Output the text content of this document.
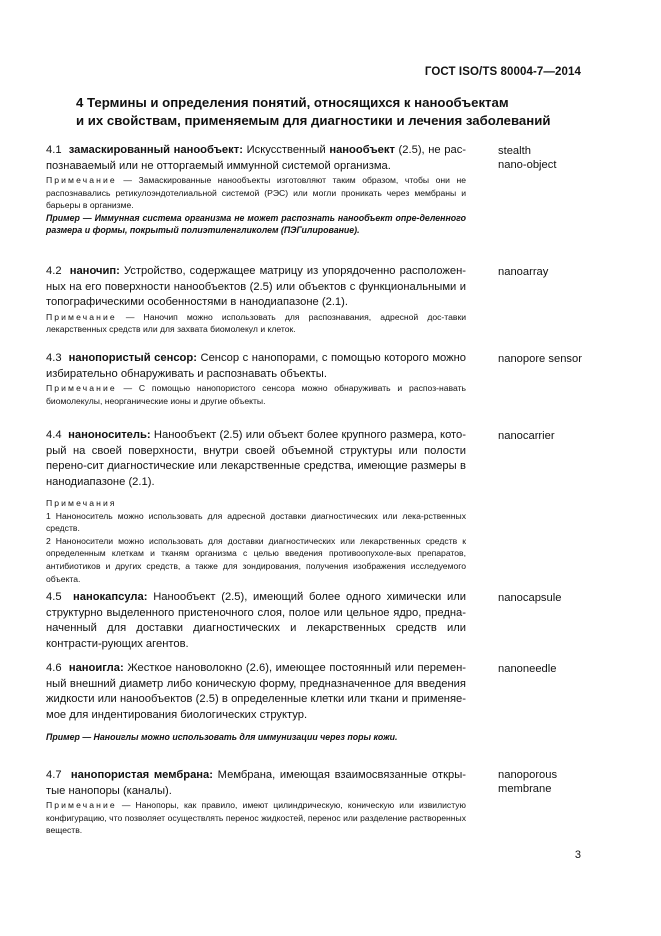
ГОСТ ISO/TS 80004-7—2014
4 Термины и определения понятий, относящихся к нанообъектам
и их свойствам, применяемым для диагностики и лечения заболеваний

4.1 замаскированный нанообъект: Искусственный нанообъект (2.5), не рас-познаваемый или не отторгаемый иммунной системой организма.

Примечание — Замаскированные нанообъекты изготовляют таким образом, чтобы они не распознавались ретикулоэндотелиальной системой (РЭС) или могли проникать через мембраны и барьеры в организме.

Пример — Иммунная система организма не может распознать нанообъект опре-деленного размера и формы, покрытый полиэтиленгликолем (ПЭГилирование).

stealth
nano-object

4.2 наночип: Устройство, содержащее матрицу из упорядоченно расположен-ных на его поверхности нанообъектов (2.5) или объектов с функциональными и топографическими особенностями в нанодиапазоне (2.1).

Примечание — Наночип можно использовать для распознавания, адресной дос-тавки лекарственных средств или для захвата биомолекул и клеток.

nanoarray

4.3 нанопористый сенсор: Сенсор с нанопорами, с помощью которого можно избирательно обнаруживать и распознавать объекты.

Примечание — С помощью нанопористого сенсора можно обнаруживать и распоз-навать биомолекулы, неорганические ионы и другие объекты.

nanopore sensor

4.4 наноноситель: Нанообъект (2.5) или объект более крупного размера, кото-рый на своей поверхности, внутри своей объемной структуры или полости перено-сит диагностические или лекарственные средства, имеющие размеры в нанодиапазоне (2.1).

Примечания

1 Наноноситель можно использовать для адресной доставки диагностических или лека-рственных средств.

2 Наноносители можно использовать для доставки диагностических или лекарственных средств к определенным клеткам и тканям организма с целью введения противоопухоле-вых препаратов, антибиотиков и других средств, а также для зондирования, получения изображения исследуемого объекта.

nanocarrier

4.5 нанокапсула: Нанообъект (2.5), имеющий более одного химически или структурно выделенного пристеночного слоя, полое или цельное ядро, предна-наченный для доставки диагностических и лекарственных средств или контрасти-рующих агентов.

nanocapsule

4.6 наноигла: Жесткое нановолокно (2.6), имеющее постоянный или перемен-ный внешний диаметр либо коническую форму, предназначенное для введения жидкости или нанообъектов (2.5) в определенные клетки или ткани и применяе-мое для индентирования биологических структур.

Пример — Наноиглы можно использовать для иммунизации через поры кожи.

nanoneedle

4.7 нанопористая мембрана: Мембрана, имеющая взаимосвязанные откры-тые нанопоры (каналы).

Примечание — Нанопоры, как правило, имеют цилиндрическую, коническую или извилистую конфигурацию, что позволяет осуществлять перенос жидкостей, перенос или разделение растворенных веществ.

nanoporous
membrane
3
